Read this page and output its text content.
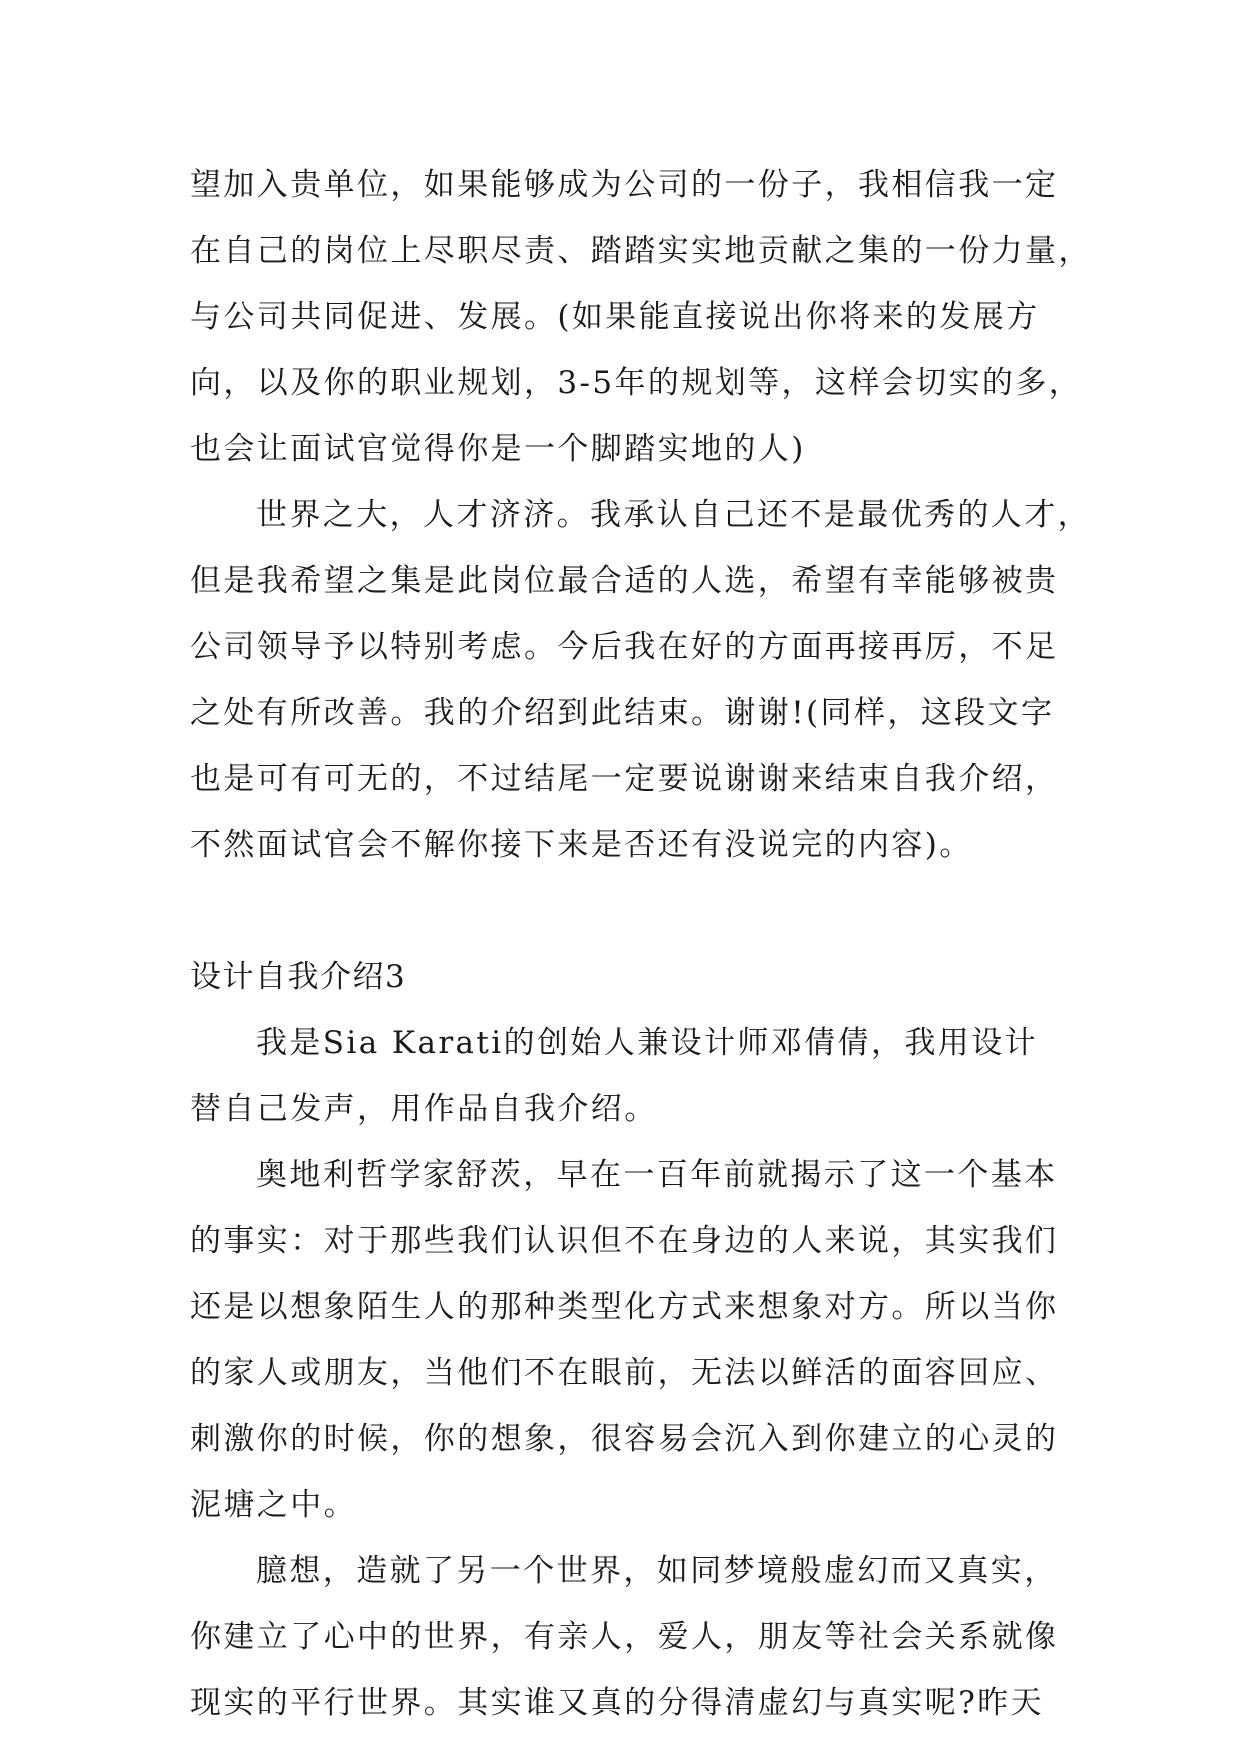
望加入贵单位，如果能够成为公司的一份子，我相信我一定

在自己的岗位上尽职尽责、踏踏实实地贡献之集的一份力量，

与公司共同促进、发展。(如果能直接说出你将来的发展方

向，以及你的职业规划，3-5年的规划等，这样会切实的多，

也会让面试官觉得你是一个脚踏实地的人)

世界之大，人才济济。我承认自己还不是最优秀的人才，

但是我希望之集是此岗位最合适的人选，希望有幸能够被贵

公司领导予以特别考虑。今后我在好的方面再接再厉，不足

之处有所改善。我的介绍到此结束。谢谢!(同样，这段文字

也是可有可无的，不过结尾一定要说谢谢来结束自我介绍，

不然面试官会不解你接下来是否还有没说完的内容)。

设计自我介绍3

我是Sia Karati的创始人兼设计师邓倩倩，我用设计

替自己发声，用作品自我介绍。

奥地利哲学家舒茨，早在一百年前就揭示了这一个基本

的事实：对于那些我们认识但不在身边的人来说，其实我们

还是以想象陌生人的那种类型化方式来想象对方。所以当你

的家人或朋友，当他们不在眼前，无法以鲜活的面容回应、

刺激你的时候，你的想象，很容易会沉入到你建立的心灵的

泥塘之中。

臆想，造就了另一个世界，如同梦境般虚幻而又真实，

你建立了心中的世界，有亲人，爱人，朋友等社会关系就像

现实的平行世界。其实谁又真的分得清虚幻与真实呢?昨天
